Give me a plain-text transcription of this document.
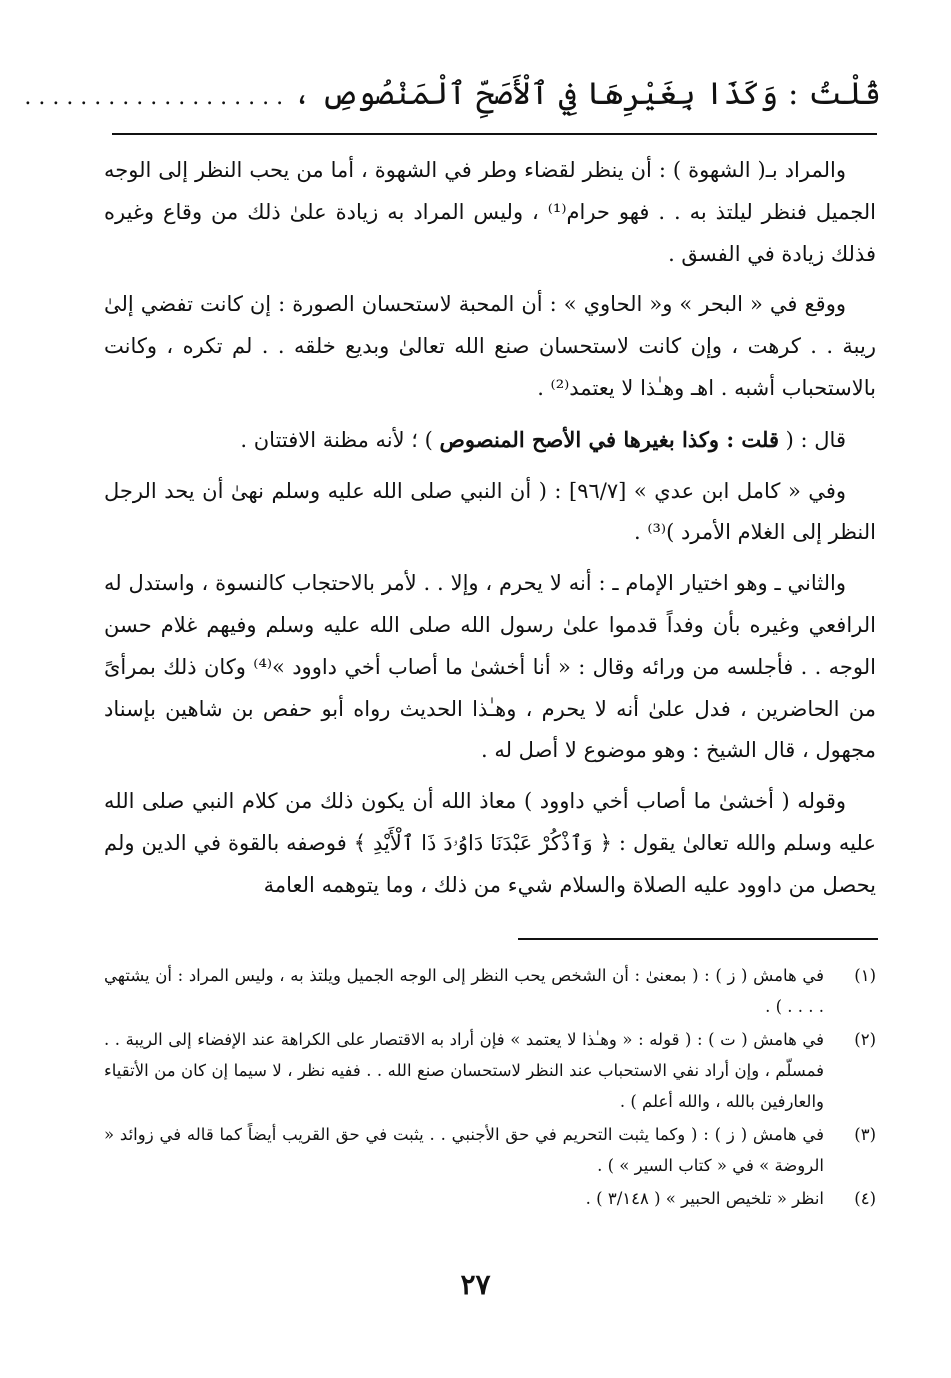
قُلْتُ : وَكَذَا بِغَيْرِهَا فِي ٱلْأَصَحِّ ٱلْمَنْصُوصِ ، . . . . . . . . . . . . . . . . . . .

والمراد بـ( الشهوة ) : أن ينظر لقضاء وطر في الشهوة ، أما من يحب النظر إلى الوجه الجميل فنظر ليلتذ به . . فهو حرام⁽¹⁾ ، وليس المراد به زيادة علىٰ ذلك من وقاع وغيره فذلك زيادة في الفسق .

ووقع في « البحر » و« الحاوي » : أن المحبة لاستحسان الصورة : إن كانت تفضي إلىٰ ريبة . . كرهت ، وإن كانت لاستحسان صنع الله تعالىٰ وبديع خلقه . . لم تكره ، وكانت بالاستحباب أشبه . اهـ وهـٰذا لا يعتمد⁽²⁾ .

قال : ( قلت : وكذا بغيرها في الأصح المنصوص ) ؛ لأنه مظنة الافتتان .

وفي « كامل ابن عدي » [٩٦/٧] : ( أن النبي صلى الله عليه وسلم نهىٰ أن يحد الرجل النظر إلى الغلام الأمرد )⁽³⁾ .

والثاني ـ وهو اختيار الإمام ـ : أنه لا يحرم ، وإلا . . لأمر بالاحتجاب كالنسوة ، واستدل له الرافعي وغيره بأن وفداً قدموا علىٰ رسول الله صلى الله عليه وسلم وفيهم غلام حسن الوجه . . فأجلسه من ورائه وقال : « أنا أخشىٰ ما أصاب أخي داوود »⁽⁴⁾ وكان ذلك بمرأىً من الحاضرين ، فدل علىٰ أنه لا يحرم ، وهـٰذا الحديث رواه أبو حفص بن شاهين بإسناد مجهول ، قال الشيخ : وهو موضوع لا أصل له .

وقوله ( أخشىٰ ما أصاب أخي داوود ) معاذ الله أن يكون ذلك من كلام النبي صلى الله عليه وسلم والله تعالىٰ يقول : ﴿ وَٱذْكُرْ عَبْدَنَا دَاوُۥدَ ذَا ٱلْأَيْدِ ﴾ فوصفه بالقوة في الدين ولم يحصل من داوود عليه الصلاة والسلام شيء من ذلك ، وما يتوهمه العامة

(١)
في هامش ( ز ) : ( بمعنىٰ : أن الشخص يحب النظر إلى الوجه الجميل ويلتذ به ، وليس المراد : أن يشتهي . . . . ) .
(٢)
في هامش ( ت ) : ( قوله : « وهـٰذا لا يعتمد » فإن أراد به الاقتصار على الكراهة عند الإفضاء إلى الريبة . . فمسلّم ، وإن أراد نفي الاستحباب عند النظر لاستحسان صنع الله . . ففيه نظر ، لا سيما إن كان من الأتقياء والعارفين بالله ، والله أعلم ) .
(٣)
في هامش ( ز ) : ( وكما يثبت التحريم في حق الأجنبي . . يثبت في حق القريب أيضاً كما قاله في زوائد « الروضة » في « كتاب السير » ) .
(٤)
انظر « تلخيص الحبير » ( ٣/١٤٨ ) .
٢٧
